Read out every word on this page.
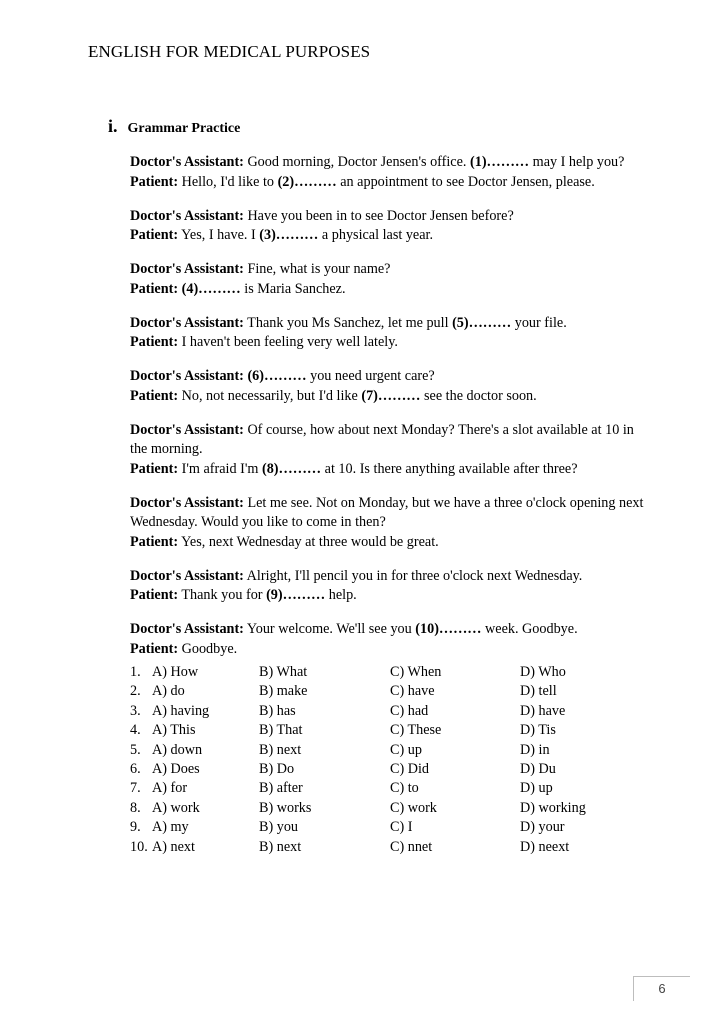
ENGLISH FOR MEDICAL PURPOSES
i. Grammar Practice
Doctor's Assistant: Good morning, Doctor Jensen's office. (1)……… may I help you?
Patient: Hello, I'd like to (2)……… an appointment to see Doctor Jensen, please.
Doctor's Assistant: Have you been in to see Doctor Jensen before?
Patient: Yes, I have. I (3)……… a physical last year.
Doctor's Assistant: Fine, what is your name?
Patient: (4)……… is Maria Sanchez.
Doctor's Assistant: Thank you Ms Sanchez, let me pull (5)……… your file.
Patient: I haven't been feeling very well lately.
Doctor's Assistant: (6)……… you need urgent care?
Patient: No, not necessarily, but I'd like (7)……… see the doctor soon.
Doctor's Assistant: Of course, how about next Monday? There's a slot available at 10 in the morning.
Patient: I'm afraid I'm (8)……… at 10. Is there anything available after three?
Doctor's Assistant: Let me see. Not on Monday, but we have a three o'clock opening next Wednesday. Would you like to come in then?
Patient: Yes, next Wednesday at three would be great.
Doctor's Assistant: Alright, I'll pencil you in for three o'clock next Wednesday.
Patient: Thank you for (9)……… help.
Doctor's Assistant: Your welcome. We'll see you (10)……… week. Goodbye.
Patient: Goodbye.
1. A) How	B) What	C) When	D) Who
2. A) do	B) make	C) have	D) tell
3. A) having	B) has	C) had	D) have
4. A) This	B) That	C) These	D) Tis
5. A) down	B) next	C) up	D) in
6. A) Does	B) Do	C) Did	D) Du
7. A) for	B) after	C) to	D) up
8. A) work	B) works	C) work	D) working
9. A) my	B) you	C) I	D) your
10. A) next	B) next	C) nnet	D) neext
6
